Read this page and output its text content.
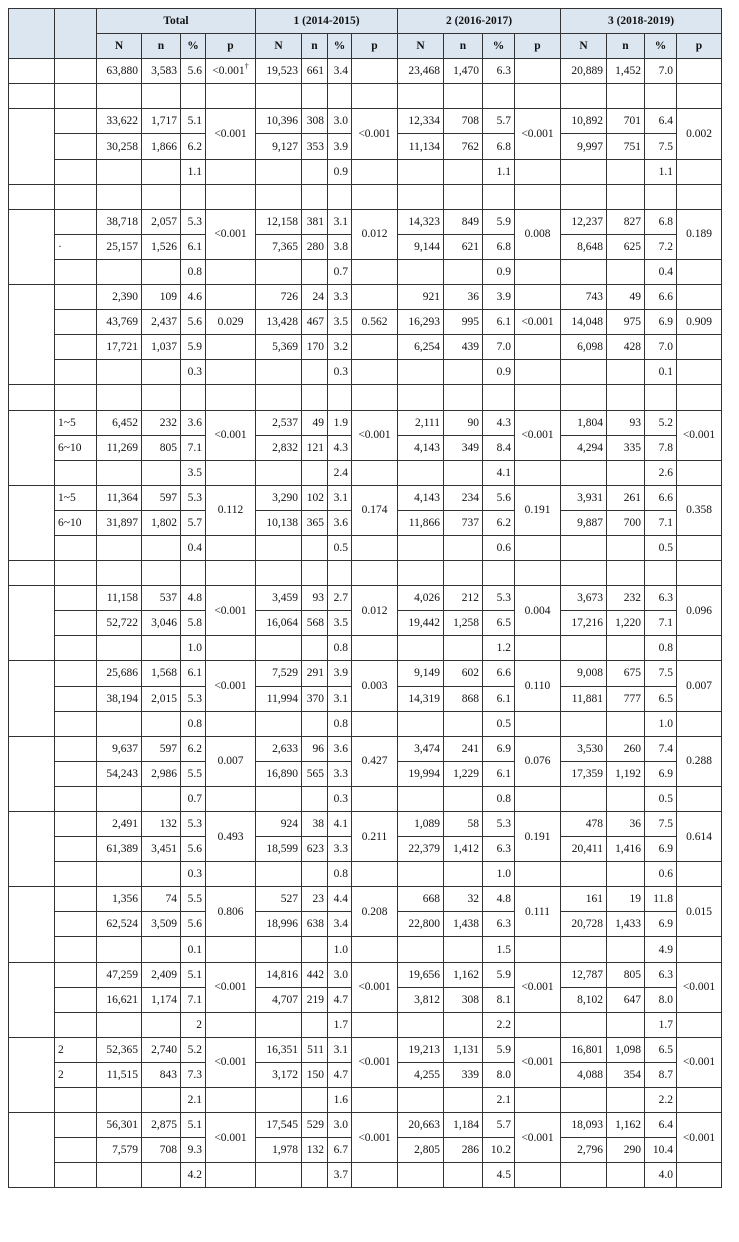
		Total				1 (2014-2015)				2 (2016-2017)				3 (2018-2019)			
		N	n	%	p	N	n	%	p	N	n	%	p	N	n	%	p
		63,880	3,583	5.6	<0.001†	19,523	661	3.4		23,468	1,470	6.3		20,889	1,452	7.0	

		33,622	1,717	5.1	<0.001	10,396	308	3.0	<0.001	12,334	708	5.7	<0.001	10,892	701	6.4	0.002
		30,258	1,866	6.2		9,127	353	3.9		11,134	762	6.8		9,997	751	7.5	
				1.1				0.9				1.1				1.1	

		38,718	2,057	5.3	<0.001	12,158	381	3.1	0.012	14,323	849	5.9	0.008	12,237	827	6.8	0.189
	·	25,157	1,526	6.1		7,365	280	3.8		9,144	621	6.8		8,648	625	7.2	
				0.8				0.7				0.9				0.4	
		2,390	109	4.6		726	24	3.3		921	36	3.9		743	49	6.6	
		43,769	2,437	5.6	0.029	13,428	467	3.5	0.562	16,293	995	6.1	<0.001	14,048	975	6.9	0.909
		17,721	1,037	5.9		5,369	170	3.2		6,254	439	7.0		6,098	428	7.0	
				0.3				0.3				0.9				0.1	

	1~5	6,452	232	3.6	<0.001	2,537	49	1.9	<0.001	2,111	90	4.3	<0.001	1,804	93	5.2	<0.001
	6~10	11,269	805	7.1		2,832	121	4.3		4,143	349	8.4		4,294	335	7.8	
				3.5				2.4				4.1				2.6	
	1~5	11,364	597	5.3	0.112	3,290	102	3.1	0.174	4,143	234	5.6	0.191	3,931	261	6.6	0.358
	6~10	31,897	1,802	5.7		10,138	365	3.6		11,866	737	6.2		9,887	700	7.1	
				0.4				0.5				0.6				0.5	

		11,158	537	4.8	<0.001	3,459	93	2.7	0.012	4,026	212	5.3	0.004	3,673	232	6.3	0.096
		52,722	3,046	5.8		16,064	568	3.5		19,442	1,258	6.5		17,216	1,220	7.1	
				1.0				0.8				1.2				0.8	
		25,686	1,568	6.1	<0.001	7,529	291	3.9	0.003	9,149	602	6.6	0.110	9,008	675	7.5	0.007
		38,194	2,015	5.3		11,994	370	3.1		14,319	868	6.1		11,881	777	6.5	
				0.8				0.8				0.5				1.0	
		9,637	597	6.2	0.007	2,633	96	3.6	0.427	3,474	241	6.9	0.076	3,530	260	7.4	0.288
		54,243	2,986	5.5		16,890	565	3.3		19,994	1,229	6.1		17,359	1,192	6.9	
				0.7				0.3				0.8				0.5	
		2,491	132	5.3	0.493	924	38	4.1	0.211	1,089	58	5.3	0.191	478	36	7.5	0.614
		61,389	3,451	5.6		18,599	623	3.3		22,379	1,412	6.3		20,411	1,416	6.9	
				0.3				0.8				1.0				0.6	
		1,356	74	5.5	0.806	527	23	4.4	0.208	668	32	4.8	0.111	161	19	11.8	0.015
		62,524	3,509	5.6		18,996	638	3.4		22,800	1,438	6.3		20,728	1,433	6.9	
				0.1				1.0				1.5				4.9	
		47,259	2,409	5.1	<0.001	14,816	442	3.0	<0.001	19,656	1,162	5.9	<0.001	12,787	805	6.3	<0.001
		16,621	1,174	7.1		4,707	219	4.7		3,812	308	8.1		8,102	647	8.0	
				2				1.7				2.2				1.7	
	2	52,365	2,740	5.2	<0.001	16,351	511	3.1	<0.001	19,213	1,131	5.9	<0.001	16,801	1,098	6.5	<0.001
	2	11,515	843	7.3		3,172	150	4.7		4,255	339	8.0		4,088	354	8.7	
				2.1				1.6				2.1				2.2	
		56,301	2,875	5.1	<0.001	17,545	529	3.0	<0.001	20,663	1,184	5.7	<0.001	18,093	1,162	6.4	<0.001
		7,579	708	9.3		1,978	132	6.7		2,805	286	10.2		2,796	290	10.4	
				4.2				3.7				4.5				4.0	
